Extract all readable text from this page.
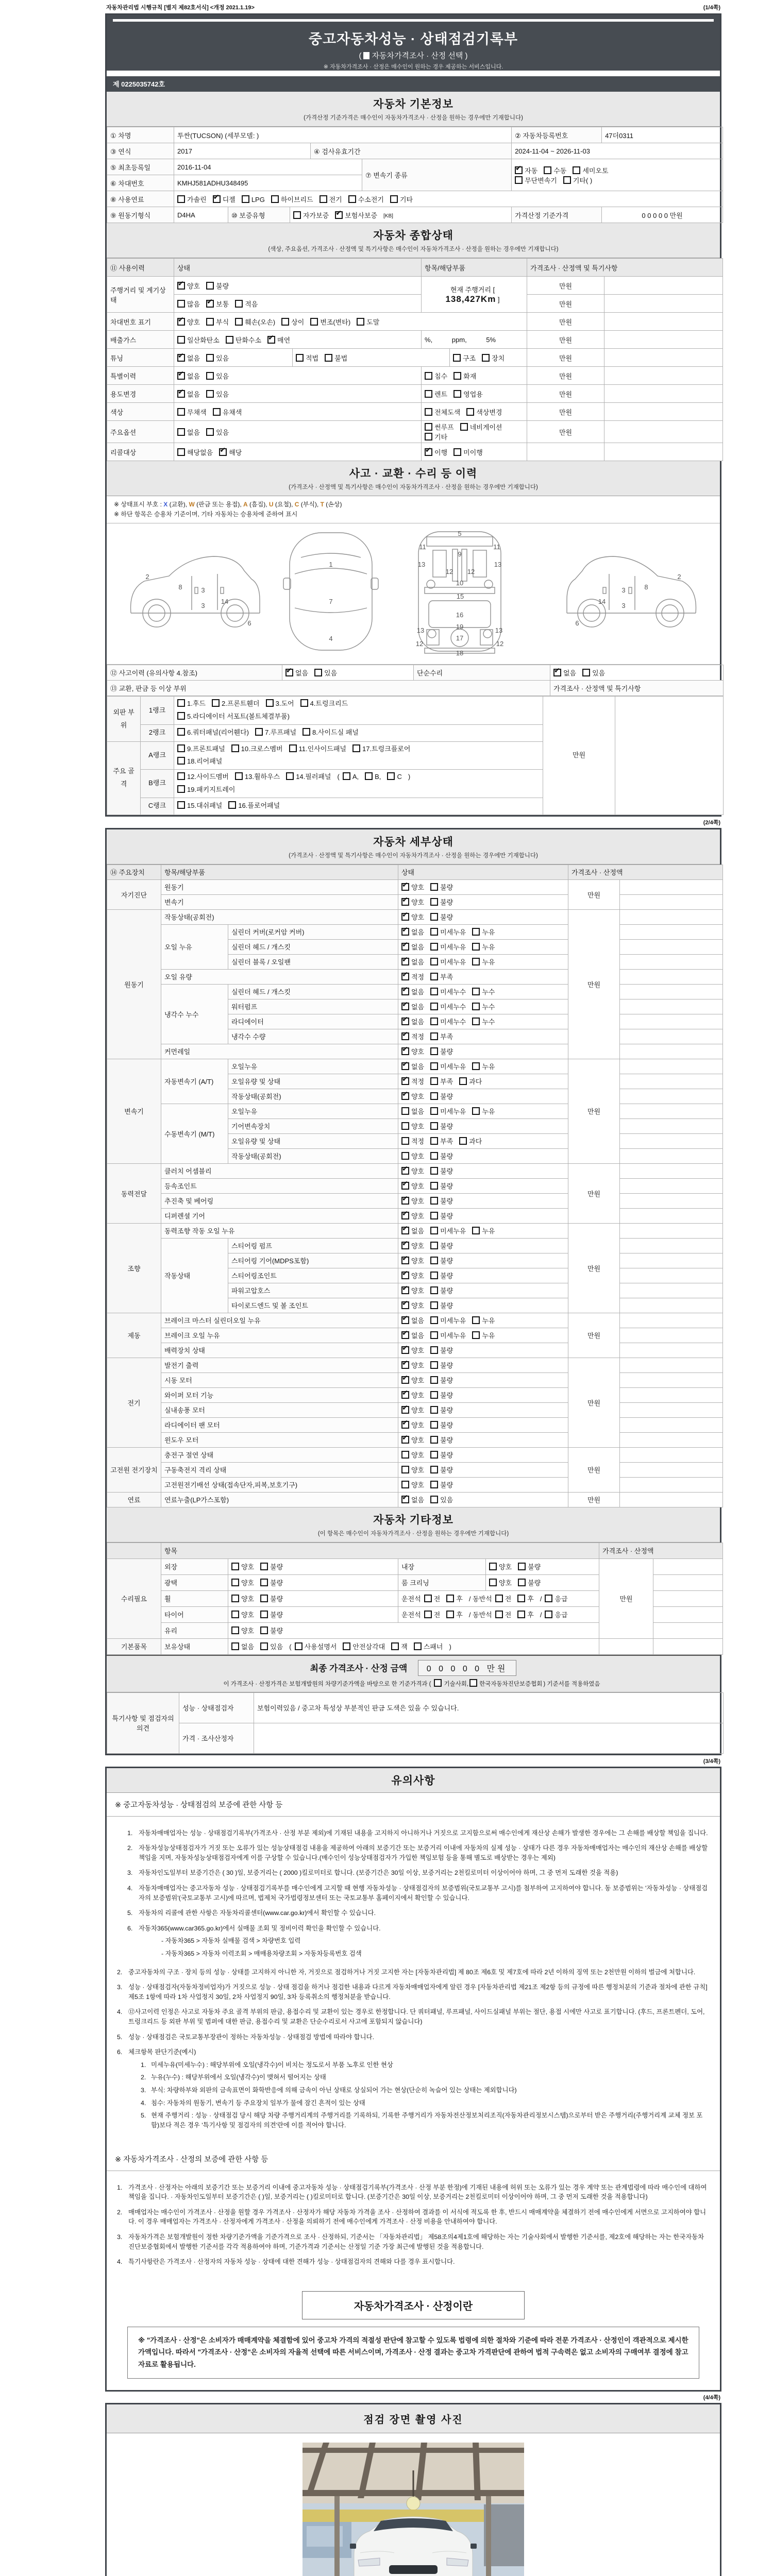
자동차관리법 시행규칙 [별지 제82호서식] <개정 2021.1.19>	(1/4쪽)
중고자동차성능 · 상태점검기록부
( 자동차가격조사 · 산정 선택 )
※ 자동차가격조사 · 산정은 매수인이 원하는 경우 제공하는 서비스입니다.
제 0225035742호
자동차 기본정보
(가격산정 기준가격은 매수인이 자동차가격조사 · 산정을 원하는 경우에만 기재합니다)
① 차명	투싼(TUCSON) (세부모델: )					② 자동차등록번호	47더0311
③ 연식	2017			④ 검사유효기간		2024-11-04 ~ 2026-11-03	
⑤ 최초등록일	2016-11-04				⑦ 변속기 종류	✔자동 수동 세미오토
무단변속기 기타( )
⑥ 차대번호	KMHJ581ADHU348495						
⑧ 사용연료	가솔린 ✔ 디젤 LPG 하이브리드 전기 수소전기 기타
⑨ 원동기형식	D4HA	⑩ 보증유형	자가보증 ✔ 보험사보증 [KB]			가격산정 기준가격	0 0 0 0 0 만원
자동차 종합상태
(색상, 주요옵션, 가격조사 · 산정액 및 특기사항은 매수인이 자동차가격조사 · 산정을 원하는 경우에만 기재합니다)
⑪ 사용이력	상태		항목/해당부품		가격조사 · 산정액 및 특기사항	
주행거리 및 계기상태	✔양호 불량		현재 주행거리 [ 138,427Km ]		만원	
	많음 ✔ 보통 적음				만원	
차대번호 표기	✔양호 부식 훼손(오손) 상이 변조(변타) 도말				만원	
배출가스	일산화탄소 탄화수소 ✔ 매연		%, ppm, 5%		만원	
튜닝	✔없음 있음	적법 불법		구조 장치	만원	
특별이력	✔없음 있음		침수 화재		만원	
용도변경	✔없음 있음		렌트 영업용		만원	
색상	무채색 유채색		전체도색 색상변경		만원	
주요옵션	없음 있음		썬루프 네비게이션기타		만원	
리콜대상	해당없음 ✔ 해당	✔이행 미이행		
사고 · 교환 · 수리 등 이력
(가격조사 · 산정액 및 특기사항은 매수인이 자동차가격조사 · 산정을 원하는 경우에만 기재합니다)
※ 상태표시 부호 : X (교환), W (판금 또는 용접), A (흠집), U (요철), C (부식), T (손상)
※ 하단 항목은 승용차 기준이며, 기타 자동차는 승용차에 준하여 표시
2
8	3
3
14
6
1
7
4
5
9
11	11
13	13
12 12
10
15
16
19
13	13
12	12
17
18
2
8
3
3
14
6
⑫ 사고이력 (유의사항 4.참조)	✔없음 있음	단순수리	✔없음 있음
⑬ 교환, 판금 등 이상 부위			가격조사 · 산정액 및 특기사항
외판 부위	1랭크	1.후드 2.프론트휀더 3.도어 4.트렁크리드
5.라디에이터 서포트(볼트체결부품)	만원	
	2랭크	6.쿼터패널(리어휀다) 7.루프패널 8.사이드실 패널		
주요 골격	A랭크	9.프론트패널 10.크로스멤버 11.인사이드패널 17.트렁크플로어
18.리어패널		
	B랭크	12.사이드멤버 13.휠하우스 14.필러패널 ( A, B, C )
19.패키지트레이		
	C랭크	15.대쉬패널 16.플로어패널		
(2/4쪽)
자동차 세부상태
(가격조사 · 산정액 및 특기사항은 매수인이 자동차가격조사 · 산정을 원하는 경우에만 기재합니다)
⑭ 주요장치	항목/해당부품		상태	가격조사 · 산정액	
자기진단	원동기	✔양호 불량	만원	
	변속기	✔양호 불량	
원동기	작동상태(공회전)	✔양호 불량	만원	
	오일 누유	실린더 커버(로커암 커버)	✔없음 미세누유 누유	
		실린더 헤드 / 개스킷	✔없음 미세누유 누유	
		실린더 블록 / 오일팬	✔없음 미세누유 누유	
	오일 유량	✔적정 부족	
	냉각수 누수	실린더 헤드 / 개스킷	✔없음 미세누수 누수	
		워터펌프	✔없음 미세누수 누수	
		라디에이터	✔없음 미세누수 누수	
		냉각수 수량	✔적정 부족	
	커먼레일	✔양호 불량	
변속기	자동변속기 (A/T)	오일누유	✔없음 미세누유 누유	만원	
		오일유량 및 상태	✔적정 부족 과다	
		작동상태(공회전)	✔양호 불량	
	수동변속기 (M/T)	오일누유	없음 미세누유 누유		
		기어변속장치	양호 불량		
		오일유량 및 상태	적정 부족 과다		
		작동상태(공회전)	양호 불량		
동력전달	클러치 어셈블리	✔양호 불량	만원	
	등속조인트	✔양호 불량	
	추진축 및 베어링	✔양호 불량	
	디퍼렌셜 기어	✔양호 불량	
조향	동력조향 작동 오일 누유	✔없음 미세누유 누유	만원	
	작동상태	스티어링 펌프	✔양호 불량	
		스티어링 기어(MDPS포함)	✔양호 불량	
		스티어링조인트	✔양호 불량	
		파워고압호스	✔양호 불량	
		타이로드엔드 및 볼 조인트	✔양호 불량	
제동	브레이크 마스터 실린더오일 누유	✔없음 미세누유 누유	만원	
	브레이크 오일 누유	✔없음 미세누유 누유	
	배력장치 상태	✔양호 불량	
전기	발전기 출력	✔양호 불량	만원	
	시동 모터	✔양호 불량	
	와이퍼 모터 기능	✔양호 불량	
	실내송풍 모터	✔양호 불량	
	라디에이터 팬 모터	✔양호 불량	
	윈도우 모터	✔양호 불량	
고전원 전기장치	충전구 절연 상태		양호 불량	만원	
	구동축전지 격리 상태		양호 불량		
	고전원전기배선 상태(접속단자,피복,보호기구)		양호 불량		
연료	연료누출(LP가스포함)	✔없음 있음	만원	
자동차 기타정보
(이 항목은 매수인이 자동차가격조사 · 산정을 원하는 경우에만 기재합니다)
	항목				가격조사 · 산정액	
수리필요	외장	양호 불량	내장	양호 불량	만원	
	광택	양호 불량	룸 크리닝	양호 불량		
	휠	양호 불량	운전석 전 후 / 동반석 전 후 / 응급			
	타이어	양호 불량	운전석 전 후 / 동반석 전 후 / 응급			
	유리	양호 불량				
기본품목	보유상태	없음 있음 ( 사용설명서 안전삼각대 잭 스패너 )				
최종 가격조사 · 산정 금액 0 0 0 0 0 만원
이 가격조사 · 산정가격은 보험개발원의 차량기준가액을 바탕으로 한 기준가격과 ( 기술사회, 한국자동차진단보증협회 ) 기준서를 적용하였음
특기사항 및 점검자의 의견	성능 · 상태점검자	보험이력있음 / 중고차 특성상 부분적인 판금 도색은 있을 수 있습니다.
	가격 · 조사산정자	
(3/4쪽)
유의사항
※ 중고자동차성능 · 상태점검의 보증에 관한 사항 등
1. 자동차매매업자는 성능 · 상태점검기록부(가격조사 · 산정 부분 제외)에 기재된 내용을 고지하지 아니하거나 거짓으로 고지함으로써 매수인에게 재산상 손해가 발생한 경우에는 그 손해를 배상할 책임을 집니다.
2. 자동차성능상태점검자가 거짓 또는 오류가 있는 성능상태점검 내용을 제공하여 아래의 보증기간 또는 보증거리 이내에 자동차의 실제 성능 · 상태가 다른 경우 자동차매매업자는 매수인의 재산상 손해를 배상할 책임을 지며, 자동차성능상태점검자에게 이를 구상할 수 있습니다.(매수인이 성능상태점검자가 가입한 책임보험 등을 통해 별도로 배상받는 경우는 제외)
3. 자동차인도일부터 보증기간은 ( 30 )일, 보증거리는 ( 2000 )킬로미터로 합니다. (보증기간은 30일 이상, 보증거리는 2천킬로미터 이상이어야 하며, 그 중 먼저 도래한 것을 적용)
4. 자동차매매업자는 중고자동차 성능 · 상태점검기록부를 매수인에게 고지할 때 현행 자동차성능 · 상태점검자의 보증범위(국토교통부 고시)를 첨부하여 고지하여야 합니다. 동 보증범위는 '자동차성능 · 상태점검자의 보증범위'(국토교통부 고시)에 따르며, 법제처 국가법령정보센터 또는 국토교통부 홈페이지에서 확인할 수 있습니다.
5. 자동차의 리콜에 관한 사항은 자동차리콜센터(www.car.go.kr)에서 확인할 수 있습니다.
6. 자동차365(www.car365.go.kr)에서 실매물 조회 및 정비이력 확인을 확인할 수 있습니다.
- 자동차365 > 자동차 실매물 검색 > 차량번호 입력
- 자동차365 > 자동차 이력조회 > 매매용차량조회 > 자동차등록번호 검색
2. 중고자동차의 구조 · 장치 등의 성능 · 상태를 고지하지 아니한 자, 거짓으로 점검하거나 거짓 고지한 자는 [자동차관리법] 제 80조 제6호 및 제7호에 따라 2년 이하의 징역 또는 2천만원 이하의 벌금에 처합니다.
3. 성능 · 상태점검자(자동차정비업자)가 거짓으로 성능 · 상태 점검을 하거나 점검한 내용과 다르게 자동차매매업자에게 알린 경우 [자동차관리법 제21조 제2항 등의 규정에 따른 행정처분의 기준과 절차에 관한 규칙] 제5조 1항에 따라 1차 사업정지 30일, 2차 사업정지 90일, 3차 등록취소의 행정처분을 받습니다.
4. ⑫사고이력 인정은 사고로 자동차 주요 골격 부위의 판금, 용접수리 및 교환이 있는 경우로 한정합니다. 단 쿼터패널, 루프패널, 사이드실패널 부위는 절단, 용접 시에만 사고로 표기합니다. (후드, 프론트펜더, 도어, 트렁크리드 등 외판 부위 및 범퍼에 대한 판금, 용접수리 및 교환은 단순수리로서 사고에 포함되지 않습니다)
5. 성능 · 상태점검은 국토교통부장관이 정하는 자동차성능 · 상태점검 방법에 따라야 합니다.
6. 체크항목 판단기준(예시)
1. 미세누유(미세누수) : 해당부위에 오일(냉각수)이 비치는 정도로서 부품 노후로 인한 현상
2. 누유(누수) : 해당부위에서 오일(냉각수)이 맺혀서 떨어지는 상태
3. 부식: 차량하부와 외판의 금속표면이 화학반응에 의해 금속이 아닌 상태로 상실되어 가는 현상(단순히 녹슬어 있는 상태는 제외합니다)
4. 침수: 자동차의 원동기, 변속기 등 주요장치 일부가 물에 잠긴 흔적이 있는 상태
5. 현재 주행거리 : 성능 · 상태점검 당시 해당 차량 주행거리계의 주행거리를 기록하되, 기록한 주행거리가 자동차전산정보처리조직(자동차관리정보시스템)으로부터 받은 주행거리(주행거리계 교체 정보 포함)보다 적은 경우 '특기사항 및 점검자의 의견'란에 이를 적어야 합니다.
※ 자동차가격조사 · 산정의 보증에 관한 사항 등
1. 가격조사 · 산정자는 아래의 보증기간 또는 보증거리 이내에 중고자동차 성능 · 상태점검기록부(가격조사 · 산정 부분 한정)에 기재된 내용에 허위 또는 오류가 있는 경우 계약 또는 관계법령에 따라 매수인에 대하여 책임을 집니다. · 자동차인도일부터 보증기간은 ( )일, 보증거리는 ( )킬로미터로 합니다. (보증기간은 30일 이상, 보증거리는 2천킬로미터 이상이어야 하며, 그 중 먼저 도래한 것을 적용합니다)
2. 매매업자는 매수인이 가격조사 · 산정을 원할 경우 가격조사 · 산정자가 해당 자동차 가격을 조사 · 산정하여 결과를 이 서식에 적도록 한 후, 반드시 매매계약을 체결하기 전에 매수인에게 서면으로 고지하여야 합니다. 이 경우 매매업자는 가격조사 · 산정자에게 가격조사 · 산정을 의뢰하기 전에 매수인에게 가격조사 · 산정 비용을 안내하여야 합니다.
3. 자동차가격은 보험개발원이 정한 차량기준가액을 기준가격으로 조사 · 산정하되, 기준서는 「자동차관리법」 제58조의4제1호에 해당하는 자는 기술사회에서 발행한 기준서를, 제2호에 해당하는 자는 한국자동차진단보증협회에서 발행한 기준서를 각각 적용하여야 하며, 기준가격과 기준서는 산정일 기준 가장 최근에 발행된 것을 적용합니다.
4. 특기사항란은 가격조사 · 산정자의 자동차 성능 · 상태에 대한 견해가 성능 · 상태점검자의 견해와 다를 경우 표시합니다.
자동차가격조사 · 산정이란
※ "가격조사 · 산정"은 소비자가 매매계약을 체결함에 있어 중고차 가격의 적절성 판단에 참고할 수 있도록 법령에 의한 절차와 기준에 따라 전문 가격조사 · 산정인이 객관적으로 제시한 가액입니다. 따라서 "가격조사 · 산정"은 소비자의 자율적 선택에 따른 서비스이며, 가격조사 · 산정 결과는 중고차 가격판단에 관하여 법적 구속력은 없고 소비자의 구매여부 결정에 참고자료로 활용됩니다.
(4/4쪽)
점검 장면 촬영 사진
